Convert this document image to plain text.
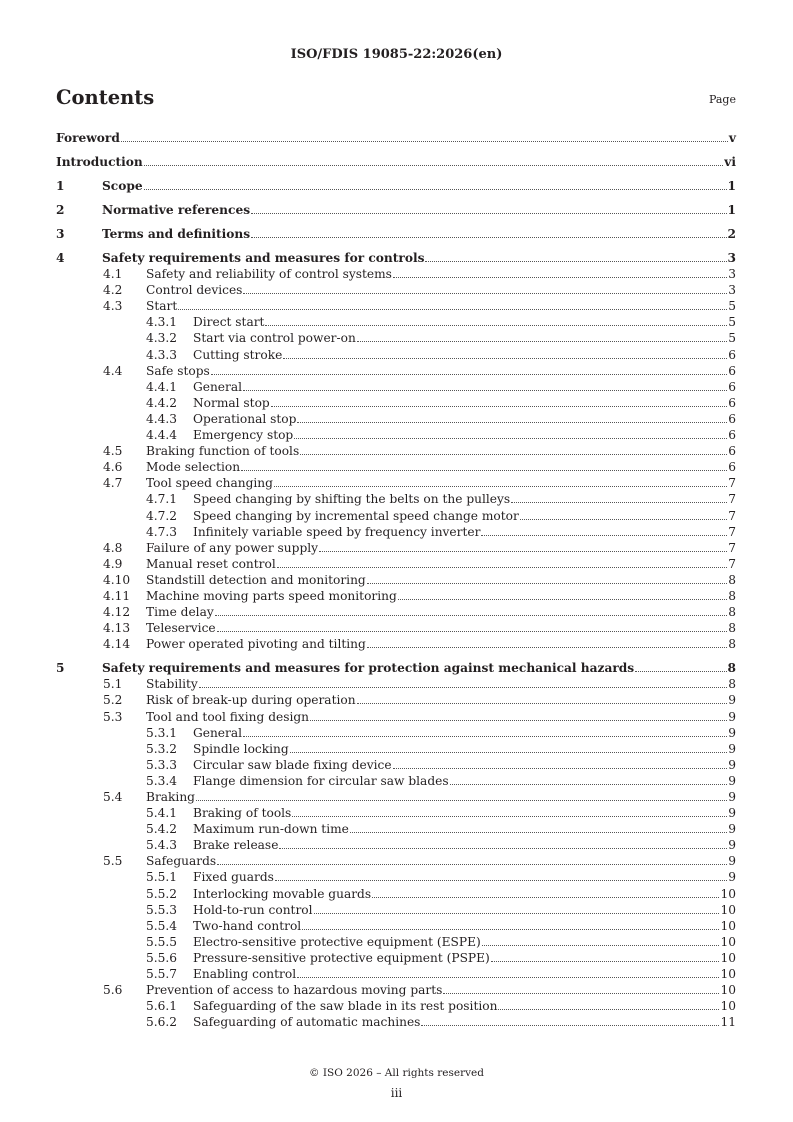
ISO/FDIS 19085-22:2026(en)
Contents	Page
Foreword	v
Introduction	vi
1	Scope	1
2	Normative references	1
3	Terms and definitions	2
4	Safety requirements and measures for controls	3
4.1	Safety and reliability of control systems	3
4.2	Control devices	3
4.3	Start	5
4.3.1	Direct start	5
4.3.2	Start via control power-on	5
4.3.3	Cutting stroke	6
4.4	Safe stops	6
4.4.1	General	6
4.4.2	Normal stop	6
4.4.3	Operational stop	6
4.4.4	Emergency stop	6
4.5	Braking function of tools	6
4.6	Mode selection	6
4.7	Tool speed changing	7
4.7.1	Speed changing by shifting the belts on the pulleys	7
4.7.2	Speed changing by incremental speed change motor	7
4.7.3	Infinitely variable speed by frequency inverter	7
4.8	Failure of any power supply	7
4.9	Manual reset control	7
4.10	Standstill detection and monitoring	8
4.11	Machine moving parts speed monitoring	8
4.12	Time delay	8
4.13	Teleservice	8
4.14	Power operated pivoting and tilting	8
5	Safety requirements and measures for protection against mechanical hazards	8
5.1	Stability	8
5.2	Risk of break-up during operation	9
5.3	Tool and tool fixing design	9
5.3.1	General	9
5.3.2	Spindle locking	9
5.3.3	Circular saw blade fixing device	9
5.3.4	Flange dimension for circular saw blades	9
5.4	Braking	9
5.4.1	Braking of tools	9
5.4.2	Maximum run-down time	9
5.4.3	Brake release	9
5.5	Safeguards	9
5.5.1	Fixed guards	9
5.5.2	Interlocking movable guards	10
5.5.3	Hold-to-run control	10
5.5.4	Two-hand control	10
5.5.5	Electro-sensitive protective equipment (ESPE)	10
5.5.6	Pressure-sensitive protective equipment (PSPE)	10
5.5.7	Enabling control	10
5.6	Prevention of access to hazardous moving parts	10
5.6.1	Safeguarding of the saw blade in its rest position	10
5.6.2	Safeguarding of automatic machines	11
© ISO 2026 – All rights reserved
iii
